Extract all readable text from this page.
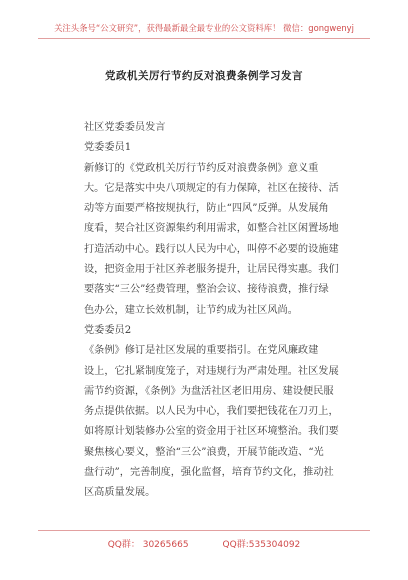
关注头条号“公文研究”，获得最新最全最专业的公文资料库！ 微信：gongwenyj
党政机关厉行节约反对浪费条例学习发言
社区党委委员发言
党委委员1
新修订的《党政机关厉行节约反对浪费条例》意义重
大。它是落实中央八项规定的有力保障，社区在接待、活
动等方面要严格按规执行，防止“四风”反弹。从发展角
度看，契合社区资源集约利用需求，如整合社区闲置场地
打造活动中心。践行以人民为中心，叫停不必要的设施建
设，把资金用于社区养老服务提升，让居民得实惠。我们
要落实“三公”经费管理，整治会议、接待浪费，推行绿
色办公，建立长效机制，让节约成为社区风尚。
党委委员2
《条例》修订是社区发展的重要指引。在党风廉政建
设上，它扎紧制度笼子，对违规行为严肃处理。社区发展
需节约资源，《条例》为盘活社区老旧用房、建设便民服
务点提供依据。以人民为中心，我们要把钱花在刀刃上，
如将原计划装修办公室的资金用于社区环境整治。我们要
聚焦核心要义，整治“三公”浪费，开展节能改造、“光
盘行动”，完善制度，强化监督，培育节约文化，推动社
区高质量发展。
QQ群： 30265665	QQ群:535304092
